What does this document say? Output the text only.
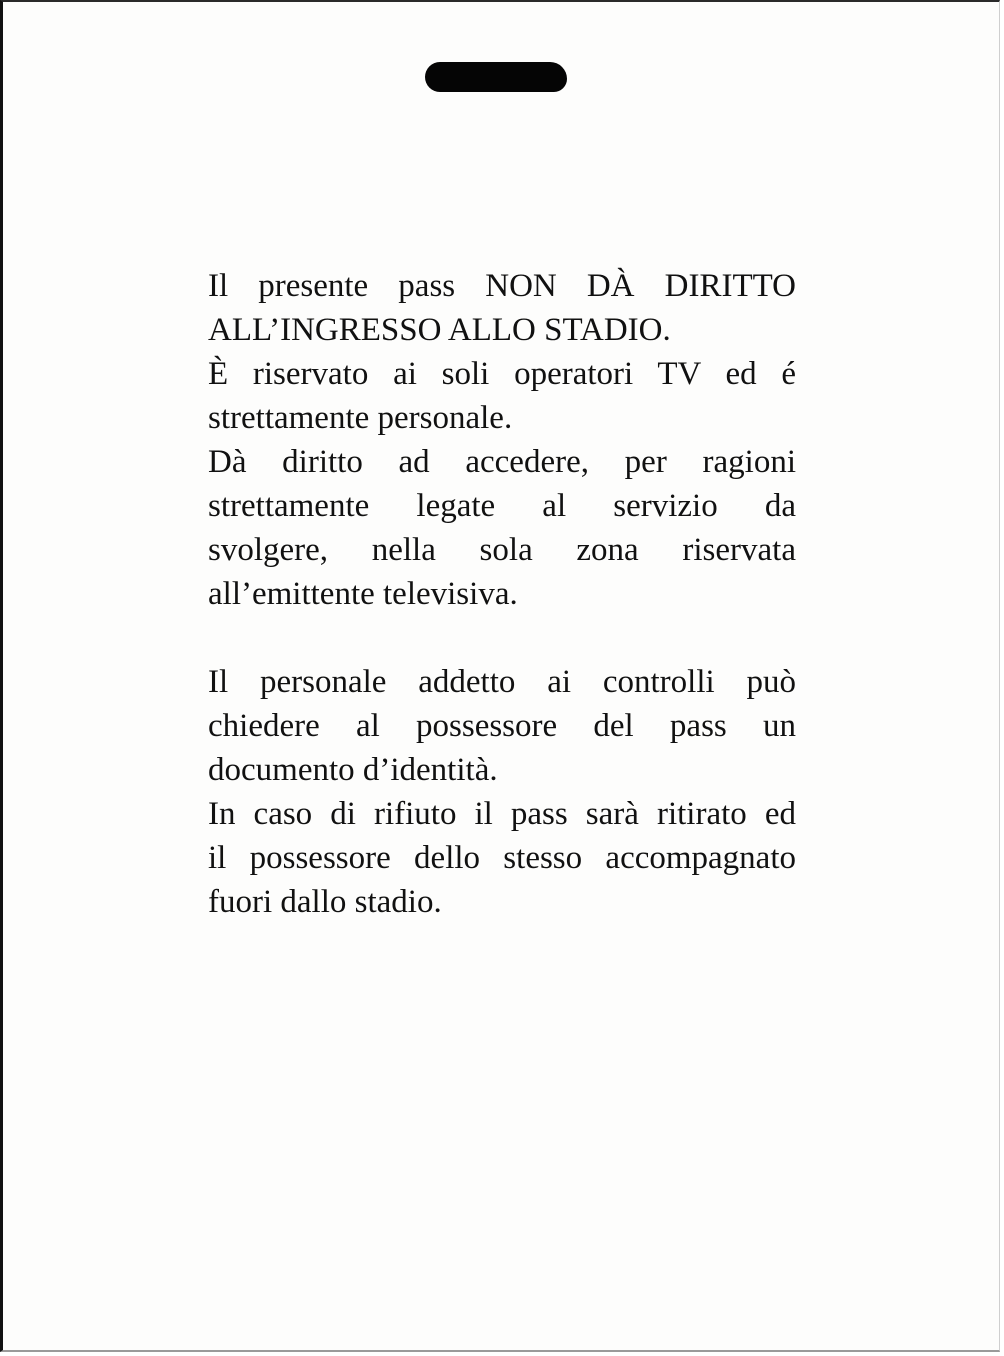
Il presente pass NON DÀ DIRITTO
ALL’INGRESSO ALLO STADIO.
È riservato ai soli operatori TV ed é
strettamente personale.
Dà diritto ad accedere, per ragioni
strettamente legate al servizio da
svolgere, nella sola zona riservata
all’emittente televisiva.

Il personale addetto ai controlli può
chiedere al possessore del pass un
documento d’identità.
In caso di rifiuto il pass sarà ritirato ed
il possessore dello stesso accompagnato
fuori dallo stadio.
